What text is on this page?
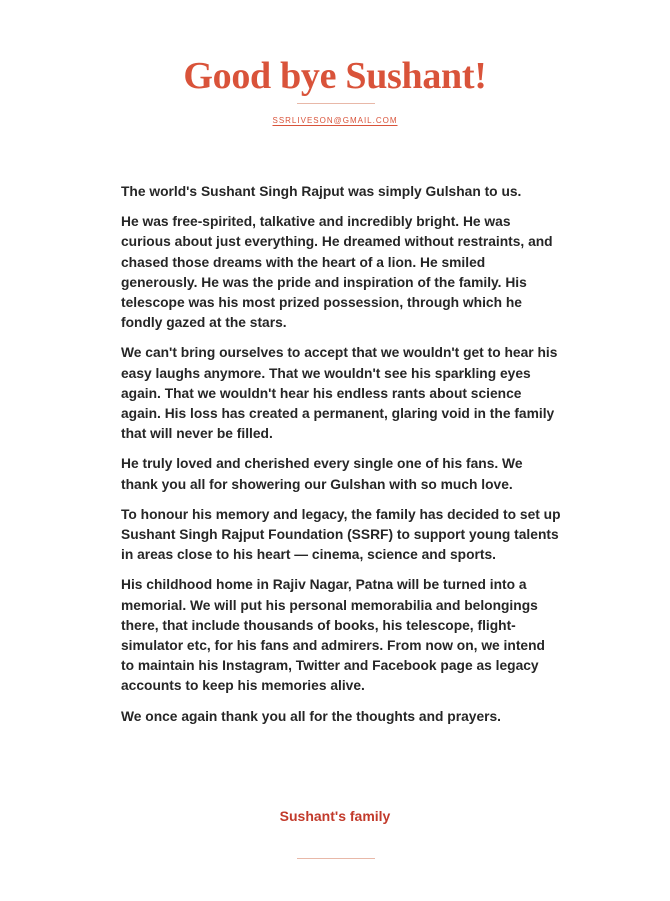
Good bye Sushant!
SSRLIVESON@GMAIL.COM

The world's Sushant Singh Rajput was simply Gulshan to us.

He was free-spirited, talkative and incredibly bright. He was curious about just everything. He dreamed without restraints, and chased those dreams with the heart of a lion. He smiled generously. He was the pride and inspiration of the family. His telescope was his most prized possession, through which he fondly gazed at the stars.

We can't bring ourselves to accept that we wouldn't get to hear his easy laughs anymore. That we wouldn't see his sparkling eyes again. That we wouldn't hear his endless rants about science again. His loss has created a permanent, glaring void in the family that will never be filled.

He truly loved and cherished every single one of his fans. We thank you all for showering our Gulshan with so much love.

To honour his memory and legacy, the family has decided to set up Sushant Singh Rajput Foundation (SSRF) to support young talents in areas close to his heart — cinema, science and sports.

His childhood home in Rajiv Nagar, Patna will be turned into a memorial. We will put his personal memorabilia and belongings there, that include thousands of books, his telescope, flight-simulator etc, for his fans and admirers. From now on, we intend to maintain his Instagram, Twitter and Facebook page as legacy accounts to keep his memories alive.

We once again thank you all for the thoughts and prayers.

Sushant's family
